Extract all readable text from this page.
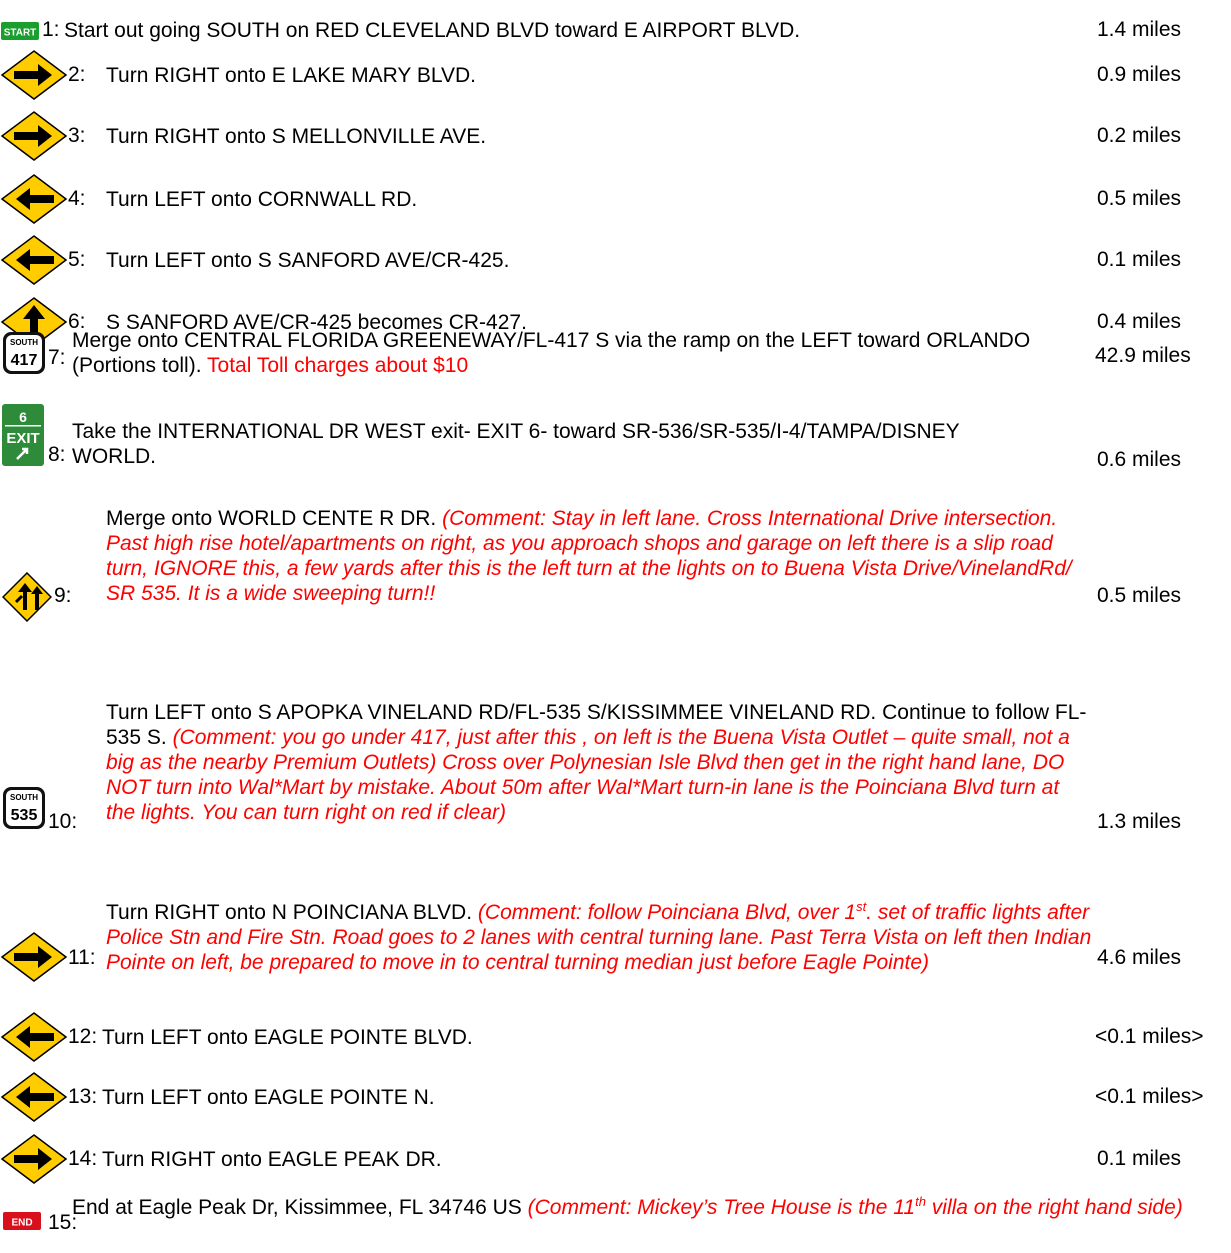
START 1: Start out going SOUTH on RED CLEVELAND BLVD toward E AIRPORT BLVD.	1.4 miles
2: Turn RIGHT onto E LAKE MARY BLVD.	0.9 miles
3: Turn RIGHT onto S MELLONVILLE AVE.	0.2 miles
4: Turn LEFT onto CORNWALL RD.	0.5 miles
5: Turn LEFT onto S SANFORD AVE/CR-425.	0.1 miles
6: S SANFORD AVE/CR-425 becomes CR-427.	0.4 miles
SOUTH
417 7:
Merge onto CENTRAL FLORIDA GREENEWAY/FL-417 S via the ramp on the LEFT toward ORLANDO (Portions toll). Total Toll charges about $10	42.9 miles
6
EXIT
8:
Take the INTERNATIONAL DR WEST exit- EXIT 6- toward SR-536/SR-535/I-4/TAMPA/DISNEY WORLD.	0.6 miles
9:
Merge onto WORLD CENTE R DR. (Comment: Stay in left lane. Cross International Drive intersection. Past high rise hotel/apartments on right, as you approach shops and garage on left there is a slip road turn, IGNORE this, a few yards after this is the left turn at the lights on to Buena Vista Drive/VinelandRd/ SR 535. It is a wide sweeping turn!!	0.5 miles
SOUTH
535 10:
Turn LEFT onto S APOPKA VINELAND RD/FL-535 S/KISSIMMEE VINELAND RD. Continue to follow FL-535 S. (Comment: you go under 417, just after this , on left is the Buena Vista Outlet – quite small, not a big as the nearby Premium Outlets) Cross over Polynesian Isle Blvd then get in the right hand lane, DO NOT turn into Wal*Mart by mistake. About 50m after Wal*Mart turn-in lane is the Poinciana Blvd turn at the lights. You can turn right on red if clear)	1.3 miles
11:
Turn RIGHT onto N POINCIANA BLVD. (Comment: follow Poinciana Blvd, over 1st. set of traffic lights after Police Stn and Fire Stn. Road goes to 2 lanes with central turning lane. Past Terra Vista on left then Indian Pointe on left, be prepared to move in to central turning median just before Eagle Pointe)	4.6 miles
12: Turn LEFT onto EAGLE POINTE BLVD.	<0.1 miles>
13: Turn LEFT onto EAGLE POINTE N.	<0.1 miles>
14: Turn RIGHT onto EAGLE PEAK DR.	0.1 miles
END 15:
End at Eagle Peak Dr, Kissimmee, FL 34746 US (Comment: Mickey’s Tree House is the 11th villa on the right hand side)
